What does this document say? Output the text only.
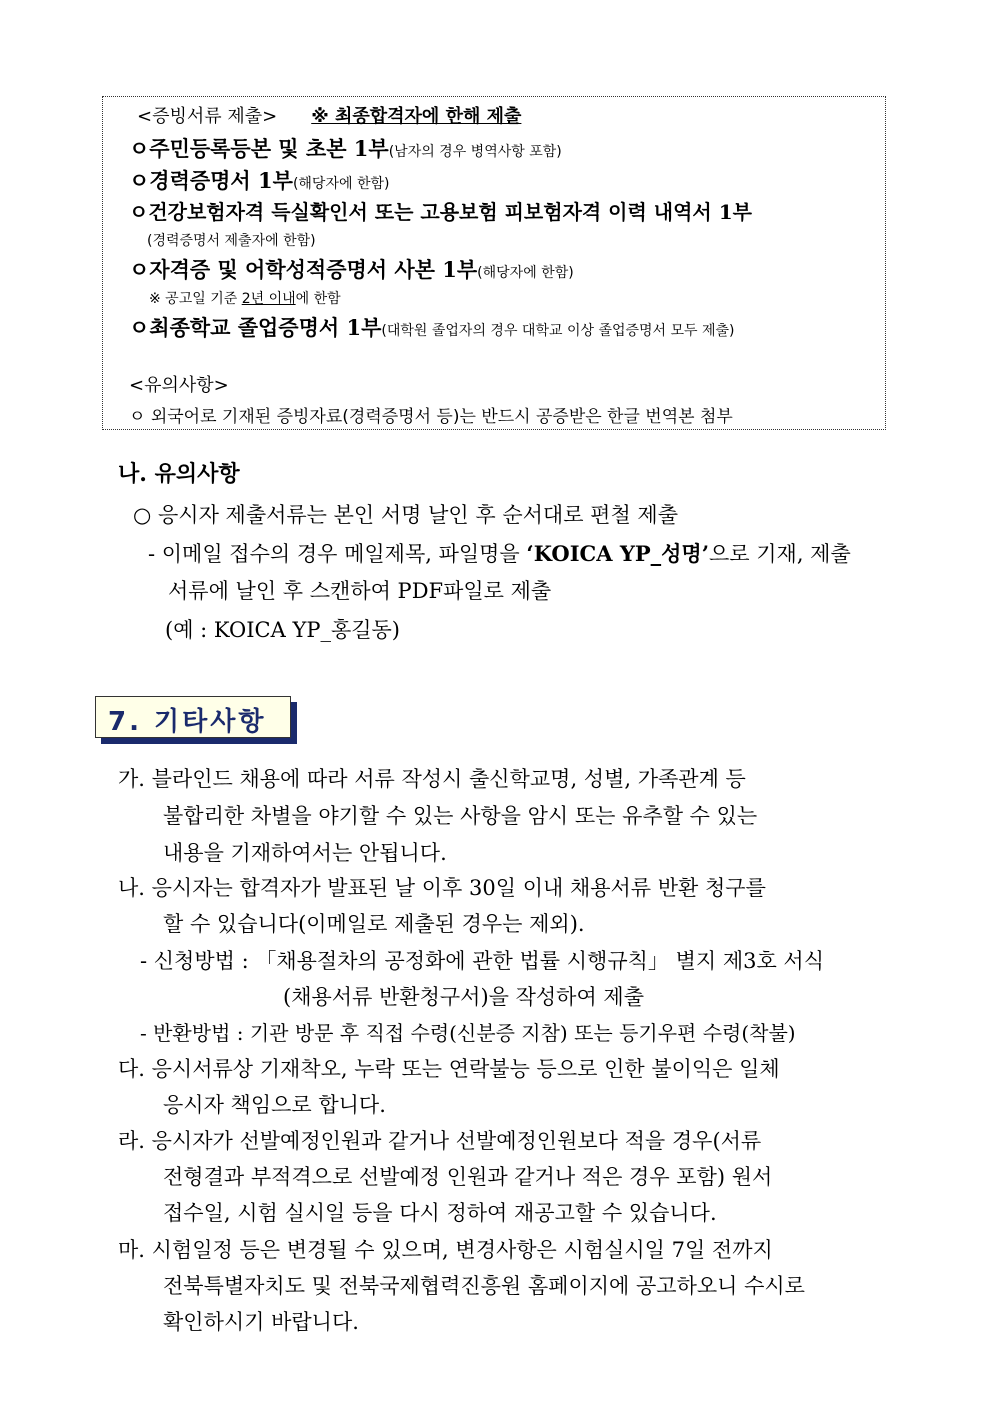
<증빙서류 제출> ※ 최종합격자에 한해 제출
ㅇ주민등록등본 및 초본 1부(남자의 경우 병역사항 포함)
ㅇ경력증명서 1부(해당자에 한함)
ㅇ건강보험자격 득실확인서 또는 고용보험 피보험자격 이력 내역서 1부
(경력증명서 제출자에 한함)
ㅇ자격증 및 어학성적증명서 사본 1부(해당자에 한함)
※ 공고일 기준 2년 이내에 한함
ㅇ최종학교 졸업증명서 1부(대학원 졸업자의 경우 대학교 이상 졸업증명서 모두 제출)
<유의사항>
ㅇ 외국어로 기재된 증빙자료(경력증명서 등)는 반드시 공증받은 한글 번역본 첨부
나. 유의사항
○ 응시자 제출서류는 본인 서명 날인 후 순서대로 편철 제출
- 이메일 접수의 경우 메일제목, 파일명을 ‘KOICA YP_성명’으로 기재, 제출
서류에 날인 후 스캔하여 PDF파일로 제출
(예 : KOICA YP_홍길동)
7. 기타사항
가. 블라인드 채용에 따라 서류 작성시 출신학교명, 성별, 가족관계 등
불합리한 차별을 야기할 수 있는 사항을 암시 또는 유추할 수 있는
내용을 기재하여서는 안됩니다.
나. 응시자는 합격자가 발표된 날 이후 30일 이내 채용서류 반환 청구를
할 수 있습니다(이메일로 제출된 경우는 제외).
- 신청방법 : 「채용절차의 공정화에 관한 법률 시행규칙」 별지 제3호 서식
(채용서류 반환청구서)을 작성하여 제출
- 반환방법 : 기관 방문 후 직접 수령(신분증 지참) 또는 등기우편 수령(착불)
다. 응시서류상 기재착오, 누락 또는 연락불능 등으로 인한 불이익은 일체
응시자 책임으로 합니다.
라. 응시자가 선발예정인원과 같거나 선발예정인원보다 적을 경우(서류
전형결과 부적격으로 선발예정 인원과 같거나 적은 경우 포함) 원서
접수일, 시험 실시일 등을 다시 정하여 재공고할 수 있습니다.
마. 시험일정 등은 변경될 수 있으며, 변경사항은 시험실시일 7일 전까지
전북특별자치도 및 전북국제협력진흥원 홈페이지에 공고하오니 수시로
확인하시기 바랍니다.
